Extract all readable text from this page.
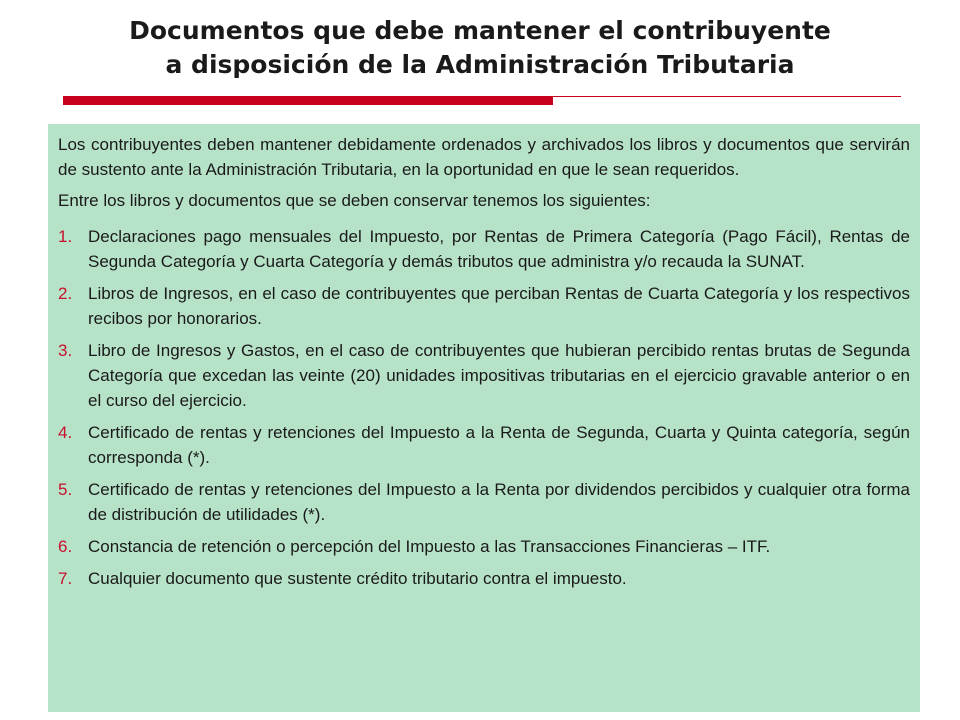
Documentos que debe mantener el contribuyente
a disposición de la Administración Tributaria

Los contribuyentes deben mantener debidamente ordenados y archivados los libros y documentos que servirán de sustento ante la Administración Tributaria, en la oportunidad en que le sean requeridos.

Entre los libros y documentos que se deben conservar tenemos los siguientes:

1. Declaraciones pago mensuales del Impuesto, por Rentas de Primera Categoría (Pago Fácil), Rentas de Segunda Categoría y Cuarta Categoría y demás tributos que administra y/o recauda la SUNAT.
2. Libros de Ingresos, en el caso de contribuyentes que perciban Rentas de Cuarta Categoría y los respectivos recibos por honorarios.
3. Libro de Ingresos y Gastos, en el caso de contribuyentes que hubieran percibido rentas brutas de Segunda Categoría que excedan las veinte (20) unidades impositivas tributarias en el ejercicio gravable anterior o en el curso del ejercicio.
4. Certificado de rentas y retenciones del Impuesto a la Renta de Segunda, Cuarta y Quinta categoría, según corresponda (*).
5. Certificado de rentas y retenciones del Impuesto a la Renta por dividendos percibidos y cualquier otra forma de distribución de utilidades (*).
6. Constancia de retención o percepción del Impuesto a las Transacciones Financieras – ITF.
7. Cualquier documento que sustente crédito tributario contra el impuesto.
